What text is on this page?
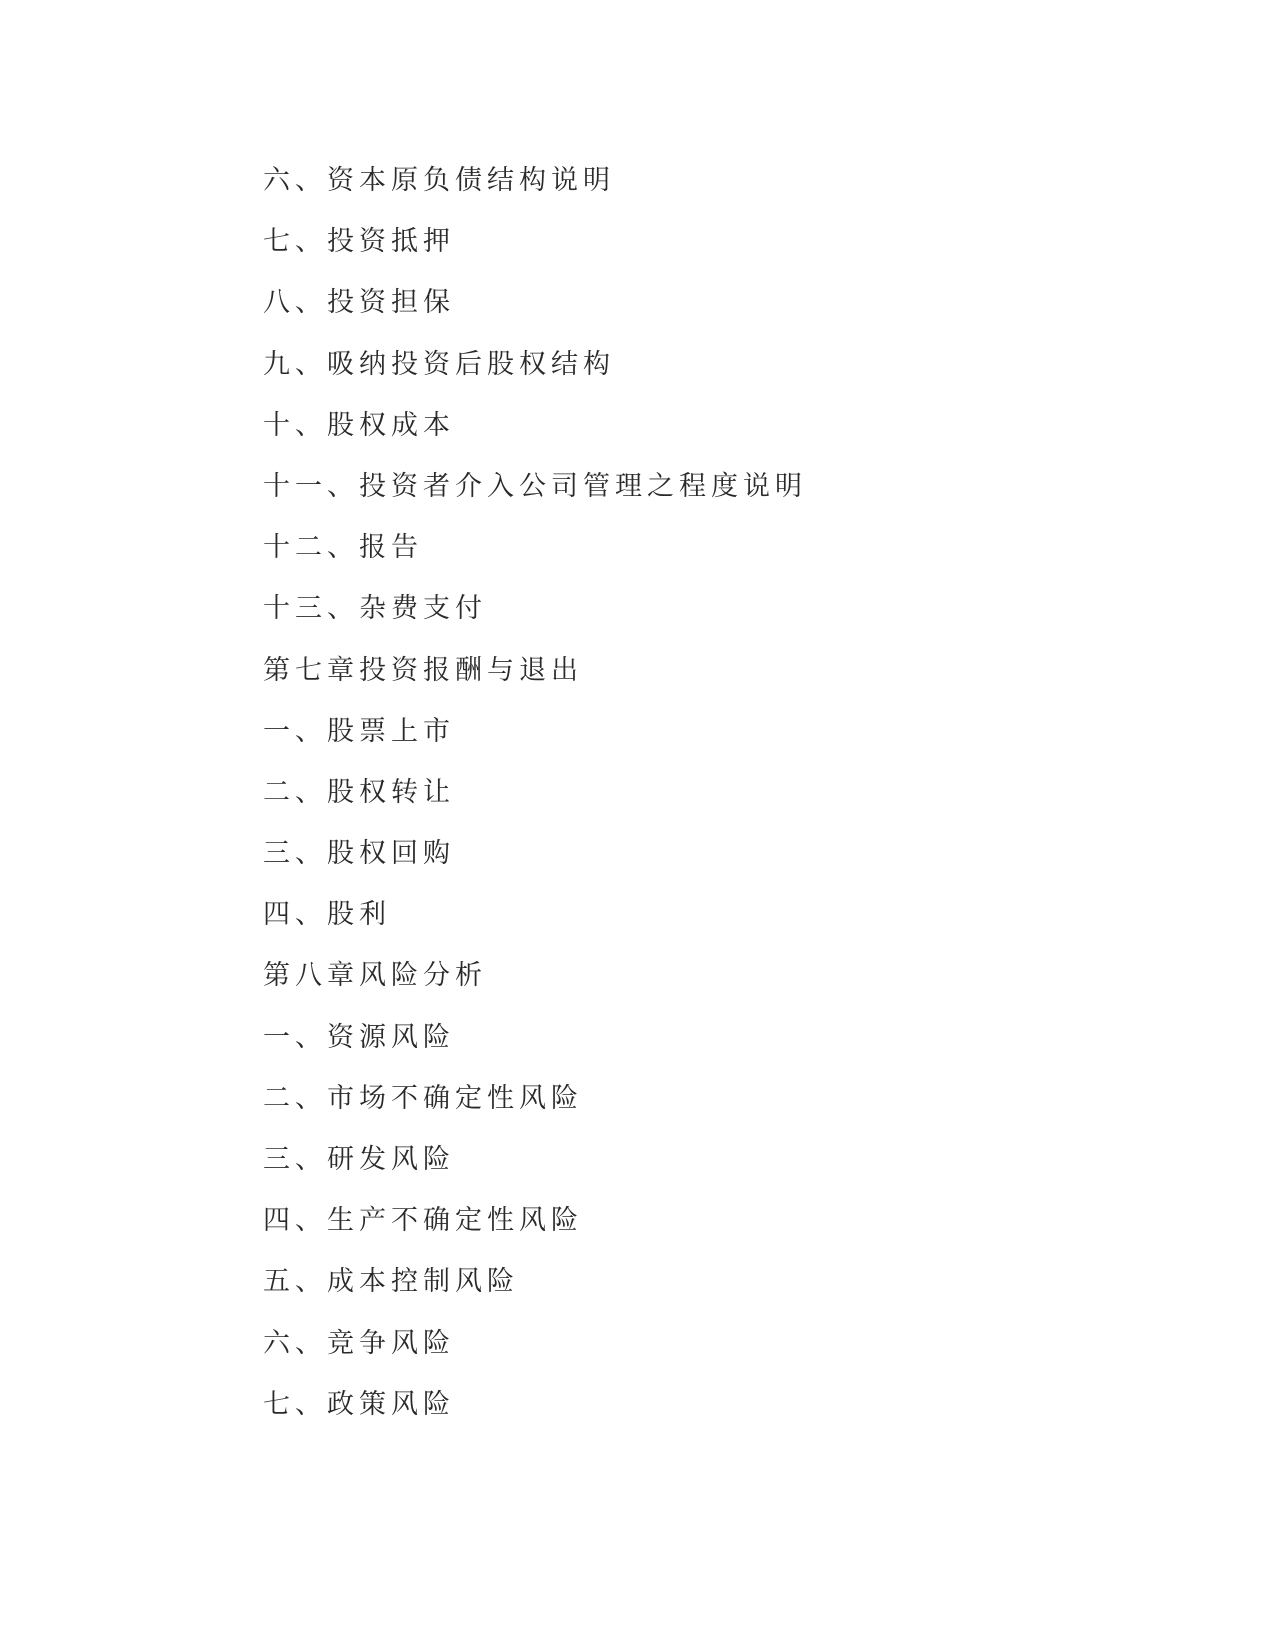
六、资本原负债结构说明
七、投资抵押
八、投资担保
九、吸纳投资后股权结构
十、股权成本
十一、投资者介入公司管理之程度说明
十二、报告
十三、杂费支付
第七章投资报酬与退出
一、股票上市
二、股权转让
三、股权回购
四、股利
第八章风险分析
一、资源风险
二、市场不确定性风险
三、研发风险
四、生产不确定性风险
五、成本控制风险
六、竞争风险
七、政策风险
